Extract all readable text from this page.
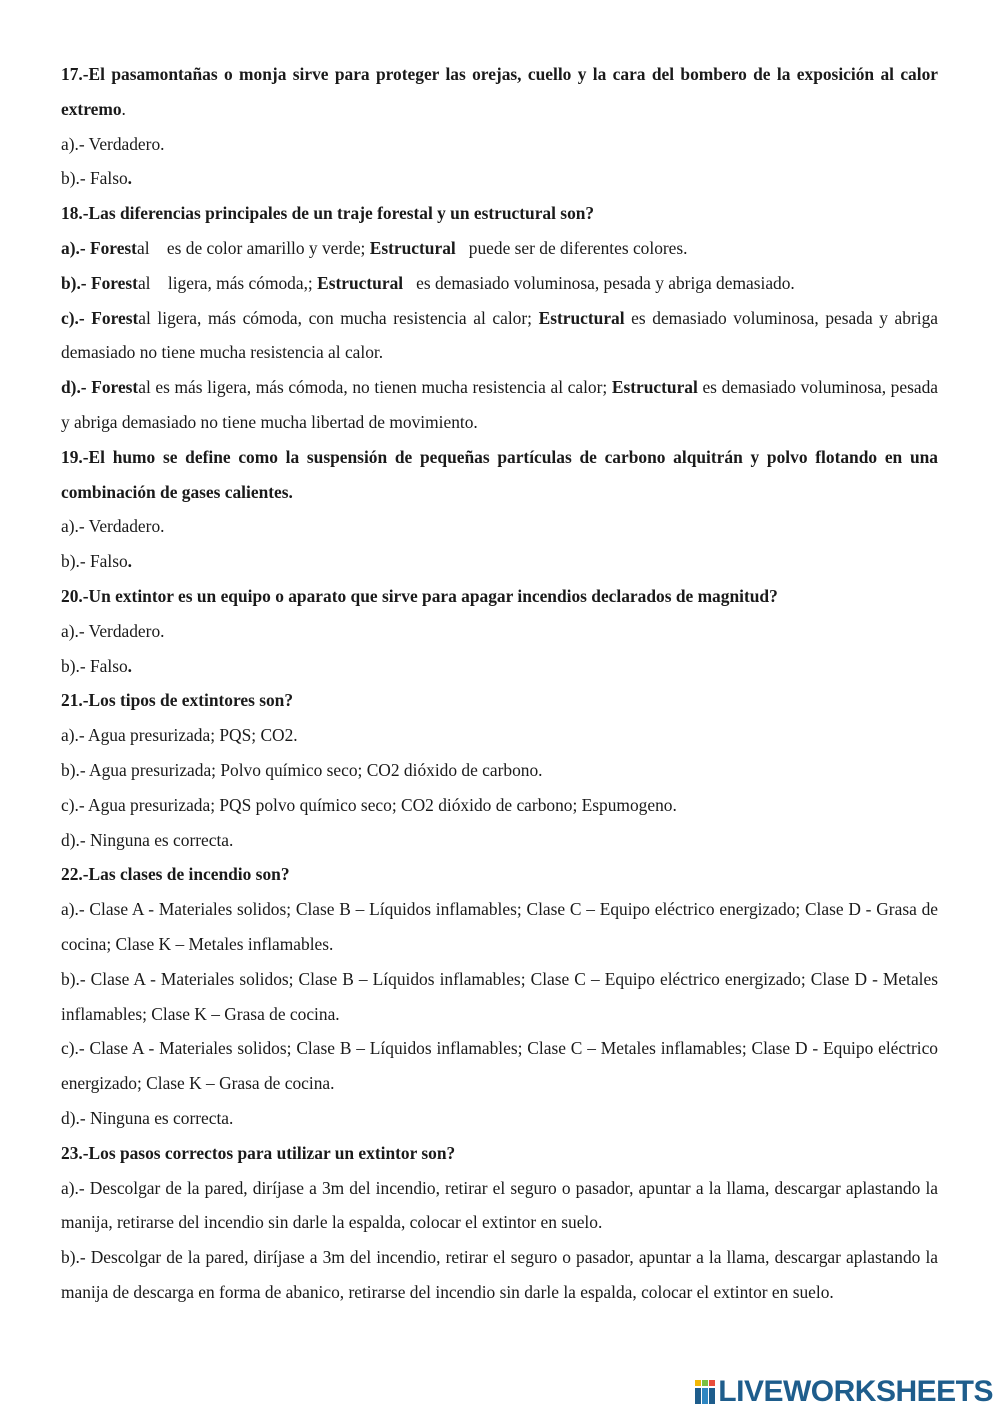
17.-El pasamontañas o monja sirve para proteger las orejas, cuello y la cara del bombero de la exposición al calor extremo.

a).- Verdadero.

b).- Falso.

18.-Las diferencias principales de un traje forestal y un estructural son?

a).- Forestal    es de color amarillo y verde; Estructural   puede ser de diferentes colores.

b).- Forestal    ligera, más cómoda,; Estructural   es demasiado voluminosa, pesada y abriga demasiado.

c).- Forestal ligera, más cómoda, con mucha resistencia al calor; Estructural es demasiado voluminosa, pesada y abriga demasiado no tiene mucha resistencia al calor.

d).- Forestal es más ligera, más cómoda, no tienen mucha resistencia al calor; Estructural es demasiado voluminosa, pesada y abriga demasiado no tiene mucha libertad de movimiento.

19.-El humo se define como la suspensión de pequeñas partículas de carbono alquitrán y polvo flotando en una combinación de gases calientes.

a).- Verdadero.

b).- Falso.

20.-Un extintor es un equipo o aparato que sirve para apagar incendios declarados de magnitud?

a).- Verdadero.

b).- Falso.

21.-Los tipos de extintores son?

a).- Agua presurizada; PQS; CO2.

b).- Agua presurizada; Polvo químico seco; CO2 dióxido de carbono.

c).- Agua presurizada; PQS polvo químico seco; CO2 dióxido de carbono; Espumogeno.

d).- Ninguna es correcta.

22.-Las clases de incendio son?

a).- Clase A - Materiales solidos; Clase B – Líquidos inflamables; Clase C – Equipo eléctrico energizado; Clase D - Grasa de cocina; Clase K – Metales inflamables.

b).- Clase A - Materiales solidos; Clase B – Líquidos inflamables; Clase C – Equipo eléctrico energizado; Clase D - Metales inflamables; Clase K – Grasa de cocina.

c).- Clase A - Materiales solidos; Clase B – Líquidos inflamables; Clase C – Metales inflamables; Clase D - Equipo eléctrico energizado; Clase K – Grasa de cocina.

d).- Ninguna es correcta.

23.-Los pasos correctos para utilizar un extintor son?

a).- Descolgar de la pared, diríjase a 3m del incendio, retirar el seguro o pasador, apuntar a la llama, descargar aplastando la manija, retirarse del incendio sin darle la espalda, colocar el extintor en suelo.

b).- Descolgar de la pared, diríjase a 3m del incendio, retirar el seguro o pasador, apuntar a la llama, descargar aplastando la manija de descarga en forma de abanico, retirarse del incendio sin darle la espalda, colocar el extintor en suelo.

LIVEWORKSHEETS
